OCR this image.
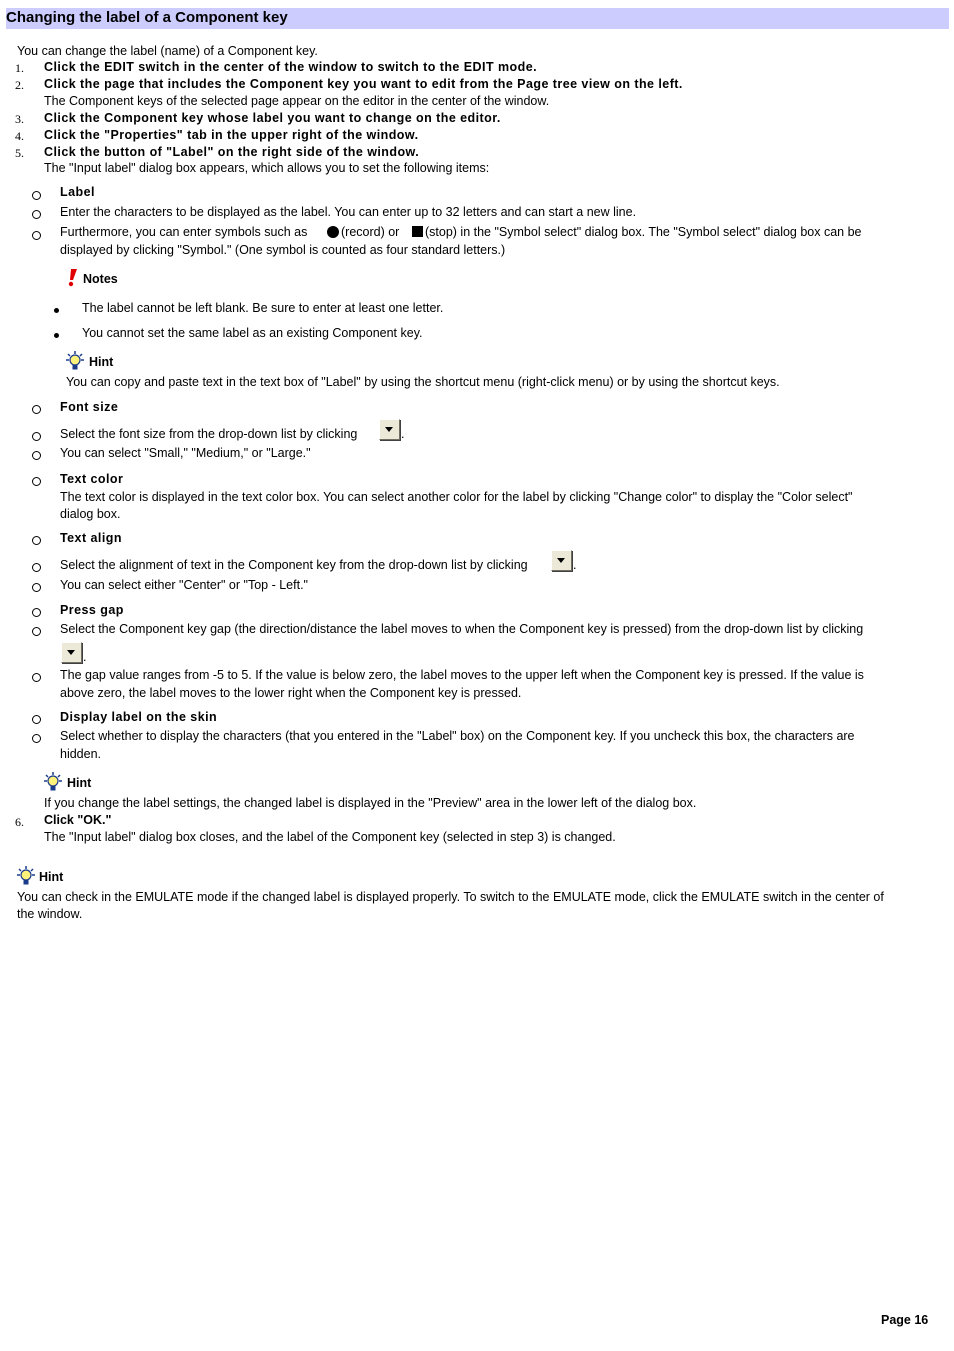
Changing the label of a Component key
You can change the label (name) of a Component key.
1. Click the EDIT switch in the center of the window to switch to the EDIT mode.
2. Click the page that includes the Component key you want to edit from the Page tree view on the left.
The Component keys of the selected page appear on the editor in the center of the window.
3. Click the Component key whose label you want to change on the editor.
4. Click the "Properties" tab in the upper right of the window.
5. Click the button of "Label" on the right side of the window.
The "Input label" dialog box appears, which allows you to set the following items:
Label
Enter the characters to be displayed as the label. You can enter up to 32 letters and can start a new line.
Furthermore, you can enter symbols such as	(record) or (stop) in the "Symbol select" dialog box. The "Symbol select" dialog box can be
displayed by clicking "Symbol." (One symbol is counted as four standard letters.)
Notes
The label cannot be left blank. Be sure to enter at least one letter.
You cannot set the same label as an existing Component key.
Hint
You can copy and paste text in the text box of "Label" by using the shortcut menu (right-click menu) or by using the shortcut keys.
Font size
Select the font size from the drop-down list by clicking	.
You can select "Small," "Medium," or "Large."
Text color
The text color is displayed in the text color box. You can select another color for the label by clicking "Change color" to display the "Color select"
dialog box.
Text align
Select the alignment of text in the Component key from the drop-down list by clicking	.
You can select either "Center" or "Top - Left."
Press gap
Select the Component key gap (the direction/distance the label moves to when the Component key is pressed) from the drop-down list by clicking
.
The gap value ranges from -5 to 5. If the value is below zero, the label moves to the upper left when the Component key is pressed. If the value is
above zero, the label moves to the lower right when the Component key is pressed.
Display label on the skin
Select whether to display the characters (that you entered in the "Label" box) on the Component key. If you uncheck this box, the characters are
hidden.
Hint
If you change the label settings, the changed label is displayed in the "Preview" area in the lower left of the dialog box.
6. Click "OK."
The "Input label" dialog box closes, and the label of the Component key (selected in step 3) is changed.
Hint
You can check in the EMULATE mode if the changed label is displayed properly. To switch to the EMULATE mode, click the EMULATE switch in the center of
the window.
Page 16
